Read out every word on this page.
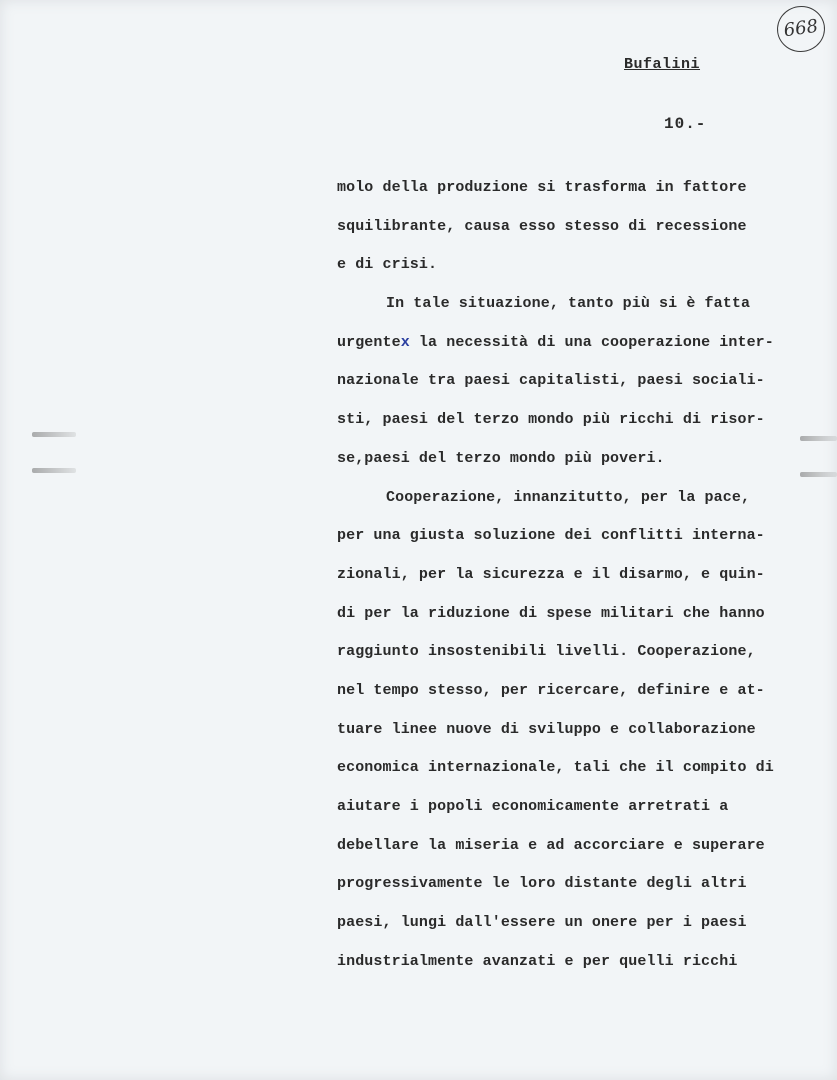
668
Bufalini
10.-
molo della produzione si trasforma in fattore
squilibrante, causa esso stesso di recessione
e di crisi.
In tale situazione, tanto più si è fatta
urgentex la necessità di una cooperazione inter-
nazionale tra paesi capitalisti, paesi sociali-
sti, paesi del terzo mondo più ricchi di risor-
se,paesi del terzo mondo più poveri.
Cooperazione, innanzitutto, per la pace,
per una giusta soluzione dei conflitti interna-
zionali, per la sicurezza e il disarmo, e quin-
di per la riduzione di spese militari che hanno
raggiunto insostenibili livelli. Cooperazione,
nel tempo stesso, per ricercare, definire e at-
tuare linee nuove di sviluppo e collaborazione
economica internazionale, tali che il compito di
aiutare i popoli economicamente arretrati a
debellare la miseria e ad accorciare e superare
progressivamente le loro distante degli altri
paesi, lungi dall'essere un onere per i paesi
industrialmente avanzati e per quelli ricchi
